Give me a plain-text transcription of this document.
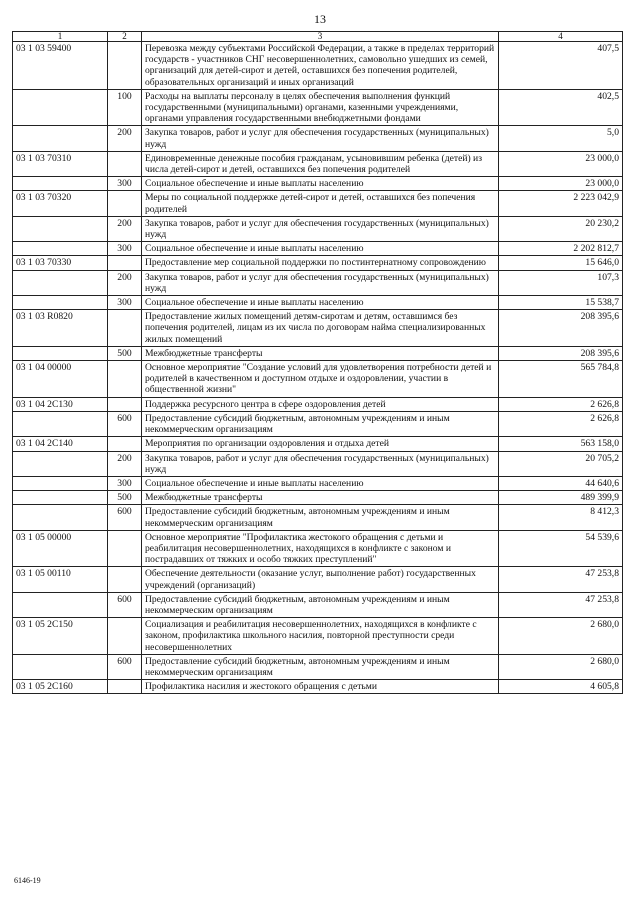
13
1	2	3	4
03 1 03 59400		Перевозка между субъектами Российской Федерации, а также в пределах территорий государств - участников СНГ несовершеннолетних, самовольно ушедших из семей, организаций для детей-сирот и детей, оставшихся без попечения родителей, образовательных организаций и иных организаций	407,5
	100	Расходы на выплаты персоналу в целях обеспечения выполнения функций государственными (муниципальными) органами, казенными учреждениями, органами управления государственными внебюджетными фондами	402,5
	200	Закупка товаров, работ и услуг для обеспечения государственных (муниципальных) нужд	5,0
03 1 03 70310		Единовременные денежные пособия гражданам, усыновившим ребенка (детей) из числа детей-сирот и детей, оставшихся без попечения родителей	23 000,0
	300	Социальное обеспечение и иные выплаты населению	23 000,0
03 1 03 70320		Меры по социальной поддержке детей-сирот и детей, оставшихся без попечения родителей	2 223 042,9
	200	Закупка товаров, работ и услуг для обеспечения государственных (муниципальных) нужд	20 230,2
	300	Социальное обеспечение и иные выплаты населению	2 202 812,7
03 1 03 70330		Предоставление мер социальной поддержки по постинтернатному сопровождению	15 646,0
	200	Закупка товаров, работ и услуг для обеспечения государственных (муниципальных) нужд	107,3
	300	Социальное обеспечение и иные выплаты населению	15 538,7
03 1 03 R0820		Предоставление жилых помещений детям-сиротам и детям, оставшимся без попечения родителей, лицам из их числа по договорам найма специализированных жилых помещений	208 395,6
	500	Межбюджетные трансферты	208 395,6
03 1 04 00000		Основное мероприятие "Создание условий для удовлетворения потребности детей и родителей в качественном и доступном отдыхе и оздоровлении, участии в общественной жизни"	565 784,8
03 1 04 2С130		Поддержка ресурсного центра в сфере оздоровления детей	2 626,8
	600	Предоставление субсидий бюджетным, автономным учреждениям и иным некоммерческим организациям	2 626,8
03 1 04 2С140		Мероприятия по организации оздоровления и отдыха детей	563 158,0
	200	Закупка товаров, работ и услуг для обеспечения государственных (муниципальных) нужд	20 705,2
	300	Социальное обеспечение и иные выплаты населению	44 640,6
	500	Межбюджетные трансферты	489 399,9
	600	Предоставление субсидий бюджетным, автономным учреждениям и иным некоммерческим организациям	8 412,3
03 1 05 00000		Основное мероприятие "Профилактика жестокого обращения с детьми и реабилитация несовершеннолетних, находящихся в конфликте с законом и пострадавших от тяжких и особо тяжких преступлений"	54 539,6
03 1 05 00110		Обеспечение деятельности (оказание услуг, выполнение работ) государственных учреждений (организаций)	47 253,8
	600	Предоставление субсидий бюджетным, автономным учреждениям и иным некоммерческим организациям	47 253,8
03 1 05 2С150		Социализация и реабилитация несовершеннолетних, находящихся в конфликте с законом, профилактика школьного насилия, повторной преступности среди несовершеннолетних	2 680,0
	600	Предоставление субсидий бюджетным, автономным учреждениям и иным некоммерческим организациям	2 680,0
03 1 05 2С160		Профилактика насилия и жестокого обращения с детьми	4 605,8
6146-19
